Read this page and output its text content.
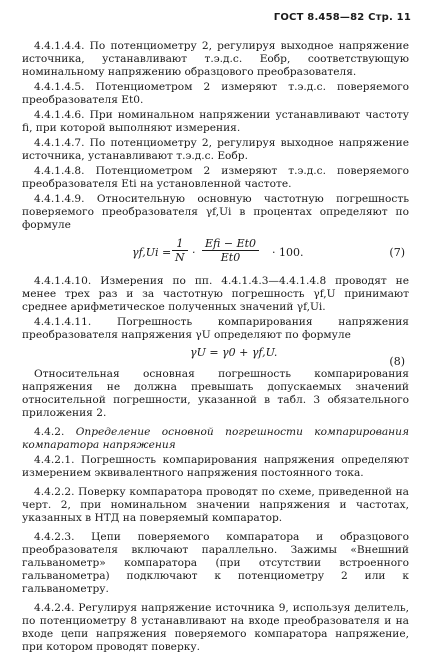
ГОСТ 8.458—82 Стр. 11

4.4.1.4.4. По потенциометру 2, регулируя выходное напряжение источника, устанавливают т.э.д.с. Eобр, соответствующую номинальному напряжению образцового преобразователя.

4.4.1.4.5. Потенциометром 2 измеряют т.э.д.с. поверяемого преобразователя Et0.

4.4.1.4.6. При номинальном напряжении устанавливают частоту fi, при которой выполняют измерения.

4.4.1.4.7. По потенциометру 2, регулируя выходное напряжение источника, устанавливают т.э.д.с. Eобр.

4.4.1.4.8. Потенциометром 2 измеряют т.э.д.с. поверяемого преобразователя Eti на установленной частоте.

4.4.1.4.9. Относительную основную частотную погрешность поверяемого преобразователя γf,Ui в процентах определяют по формуле

$\gamma f,Ui = \frac{1}{N}$ ·
Efi − Et0
Et0	· 100.	(7)

4.4.1.4.10. Измерения по пп. 4.4.1.4.3—4.4.1.4.8 проводят не менее трех раз и за частотную погрешность γf,U принимают среднее арифметическое полученных значений γf,Ui.

4.4.1.4.11. Погрешность компарирования напряжения преобразователя напряжения γU определяют по формуле

γU = γ0 + γf,U.
(8)

Относительная основная погрешность компарирования напряжения не должна превышать допускаемых значений относительной погрешности, указанной в табл. 3 обязательного приложения 2.

4.4.2. Определение основной погрешности компарирования компаратора напряжения

4.4.2.1. Погрешность компарирования напряжения определяют измерением эквивалентного напряжения постоянного тока.

4.4.2.2. Поверку компаратора проводят по схеме, приведенной на черт. 2, при номинальном значении напряжения и частотах, указанных в НТД на поверяемый компаратор.

4.4.2.3. Цепи поверяемого компаратора и образцового преобразователя включают параллельно. Зажимы «Внешний гальванометр» компаратора (при отсутствии встроенного гальванометра) подключают к потенциометру 2 или к гальванометру.

4.4.2.4. Регулируя напряжение источника 9, используя делитель, по потенциометру 8 устанавливают на входе преобразователя и на входе цепи напряжения поверяемого компаратора напряжение, при котором проводят поверку.
